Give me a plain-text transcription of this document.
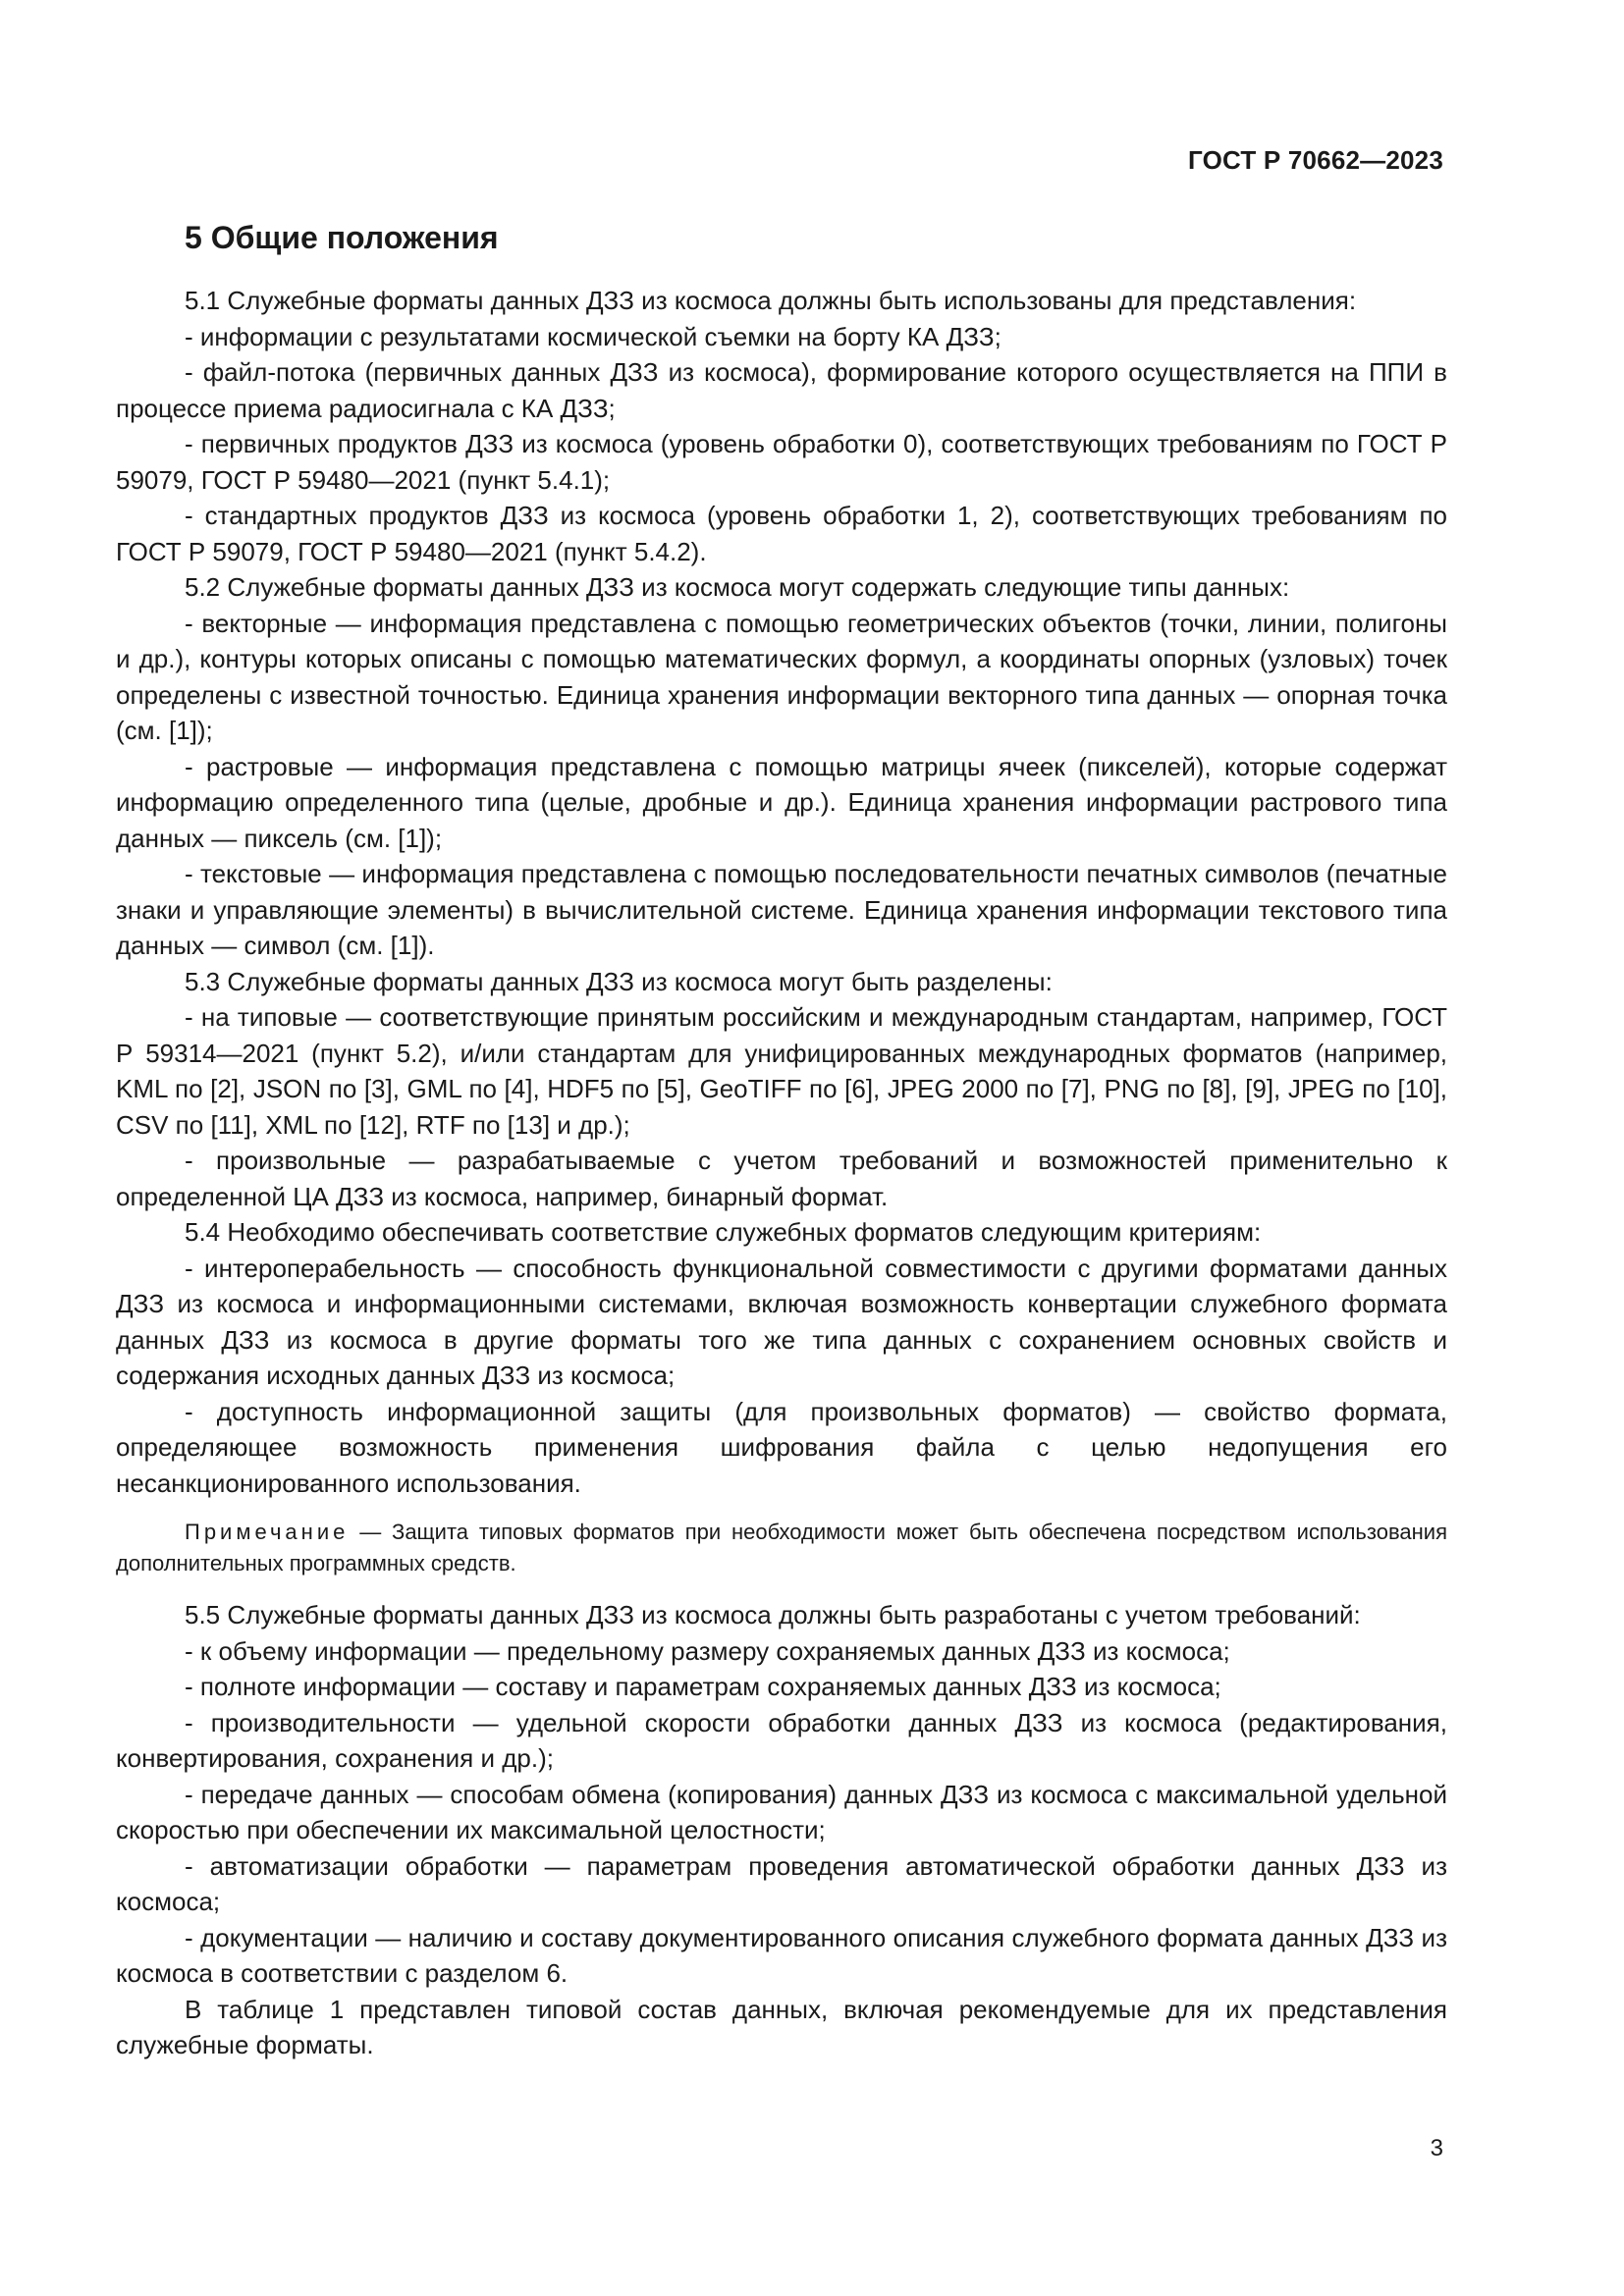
ГОСТ Р 70662—2023
5 Общие положения

5.1 Служебные форматы данных ДЗЗ из космоса должны быть использованы для представления:

- информации с результатами космической съемки на борту КА ДЗЗ;

- файл-потока (первичных данных ДЗЗ из космоса), формирование которого осуществляется на ППИ в процессе приема радиосигнала с КА ДЗЗ;

- первичных продуктов ДЗЗ из космоса (уровень обработки 0), соответствующих требованиям по ГОСТ Р 59079, ГОСТ Р 59480—2021 (пункт 5.4.1);

- стандартных продуктов ДЗЗ из космоса (уровень обработки 1, 2), соответствующих требованиям по ГОСТ Р 59079, ГОСТ Р 59480—2021 (пункт 5.4.2).

5.2 Служебные форматы данных ДЗЗ из космоса могут содержать следующие типы данных:

- векторные — информация представлена с помощью геометрических объектов (точки, линии, полигоны и др.), контуры которых описаны с помощью математических формул, а координаты опорных (узловых) точек определены с известной точностью. Единица хранения информации векторного типа данных — опорная точка (см. [1]);

- растровые — информация представлена с помощью матрицы ячеек (пикселей), которые содержат информацию определенного типа (целые, дробные и др.). Единица хранения информации растрового типа данных — пиксель (см. [1]);

- текстовые — информация представлена с помощью последовательности печатных символов (печатные знаки и управляющие элементы) в вычислительной системе. Единица хранения информации текстового типа данных — символ (см. [1]).

5.3 Служебные форматы данных ДЗЗ из космоса могут быть разделены:

- на типовые — соответствующие принятым российским и международным стандартам, например, ГОСТ Р 59314—2021 (пункт 5.2), и/или стандартам для унифицированных международных форматов (например, KML по [2], JSON по [3], GML по [4], HDF5 по [5], GeoTIFF по [6], JPEG 2000 по [7], PNG по [8], [9], JPEG по [10], CSV по [11], XML по [12], RTF по [13] и др.);

- произвольные — разрабатываемые с учетом требований и возможностей применительно к определенной ЦА ДЗЗ из космоса, например, бинарный формат.

5.4 Необходимо обеспечивать соответствие служебных форматов следующим критериям:

- интероперабельность — способность функциональной совместимости с другими форматами данных ДЗЗ из космоса и информационными системами, включая возможность конвертации служебного формата данных ДЗЗ из космоса в другие форматы того же типа данных с сохранением основных свойств и содержания исходных данных ДЗЗ из космоса;

- доступность информационной защиты (для произвольных форматов) — свойство формата, определяющее возможность применения шифрования файла с целью недопущения его несанкционированного использования.

Примечание — Защита типовых форматов при необходимости может быть обеспечена посредством использования дополнительных программных средств.

5.5 Служебные форматы данных ДЗЗ из космоса должны быть разработаны с учетом требований:

- к объему информации — предельному размеру сохраняемых данных ДЗЗ из космоса;

- полноте информации — составу и параметрам сохраняемых данных ДЗЗ из космоса;

- производительности — удельной скорости обработки данных ДЗЗ из космоса (редактирования, конвертирования, сохранения и др.);

- передаче данных — способам обмена (копирования) данных ДЗЗ из космоса с максимальной удельной скоростью при обеспечении их максимальной целостности;

- автоматизации обработки — параметрам проведения автоматической обработки данных ДЗЗ из космоса;

- документации — наличию и составу документированного описания служебного формата данных ДЗЗ из космоса в соответствии с разделом 6.

В таблице 1 представлен типовой состав данных, включая рекомендуемые для их представления служебные форматы.

3
